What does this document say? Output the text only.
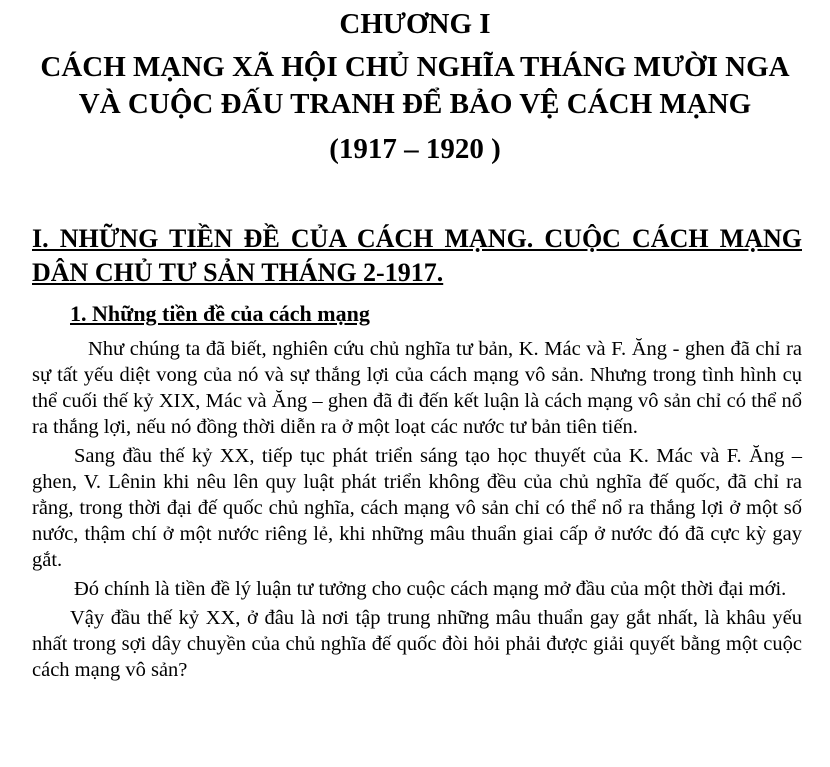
CHƯƠNG I
CÁCH MẠNG XÃ HỘI CHỦ NGHĨA THÁNG MƯỜI NGA
VÀ CUỘC ĐẤU TRANH ĐỂ BẢO VỆ CÁCH MẠNG
(1917 – 1920 )
I. NHỮNG TIỀN ĐỀ CỦA CÁCH MẠNG. CUỘC CÁCH MẠNG
DÂN CHỦ TƯ SẢN THÁNG 2-1917.
1. Những tiền đề của cách mạng

Như chúng ta đã biết, nghiên cứu chủ nghĩa tư bản, K. Mác và F. Ăng - ghen đã chỉ ra sự tất yếu diệt vong của nó và sự thắng lợi của cách mạng vô sản. Nhưng trong tình hình cụ thể cuối thế kỷ XIX, Mác và Ăng – ghen đã đi đến kết luận là cách mạng vô sản chỉ có thể nổ ra thắng lợi, nếu nó đồng thời diễn ra ở một loạt các nước tư bản tiên tiến.

Sang đầu thế kỷ XX, tiếp tục phát triển sáng tạo học thuyết của K. Mác và F. Ăng – ghen, V. Lênin khi nêu lên quy luật phát triển không đều của chủ nghĩa đế quốc, đã chỉ ra rằng, trong thời đại đế quốc chủ nghĩa, cách mạng vô sản chỉ có thể nổ ra thắng lợi ở một số nước, thậm chí ở một nước riêng lẻ, khi những mâu thuẩn giai cấp ở nước đó đã cực kỳ gay gắt.

Đó chính là tiền đề lý luận tư tưởng cho cuộc cách mạng mở đầu của một thời đại mới.

Vậy đầu thế kỷ XX, ở đâu là nơi tập trung những mâu thuẩn gay gắt nhất, là khâu yếu nhất trong sợi dây chuyền của chủ nghĩa đế quốc đòi hỏi phải được giải quyết bằng một cuộc cách mạng vô sản?
